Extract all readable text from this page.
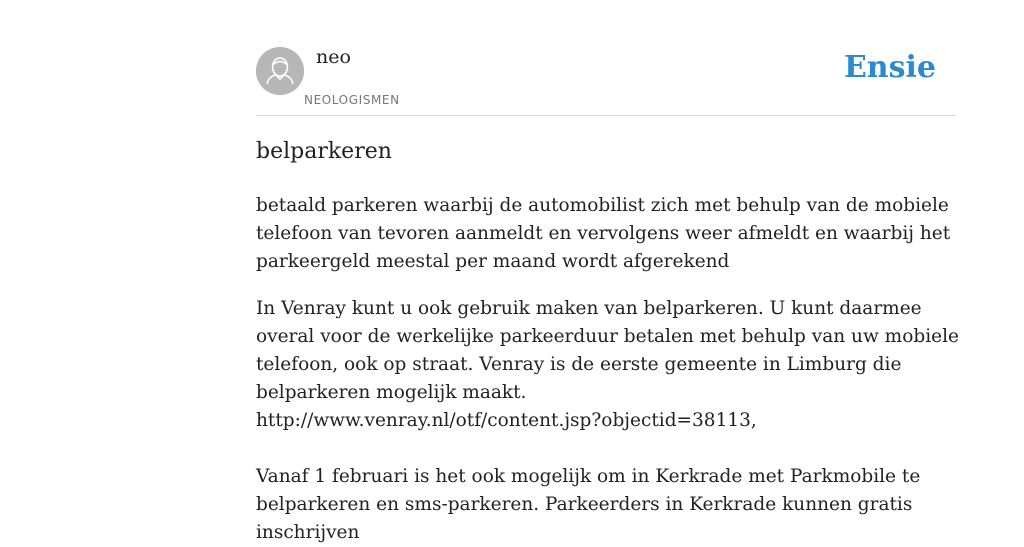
neo
NEOLOGISMEN
Ensie
belparkeren

betaald parkeren waarbij de automobilist zich met behulp van de mobiele telefoon van tevoren aanmeldt en vervolgens weer afmeldt en waarbij het parkeergeld meestal per maand wordt afgerekend

In Venray kunt u ook gebruik maken van belparkeren. U kunt daarmee overal voor de werkelijke parkeerduur betalen met behulp van uw mobiele telefoon, ook op straat. Venray is de eerste gemeente in Limburg die belparkeren mogelijk maakt.

http://www.venray.nl/otf/content.jsp?objectid=38113,

Vanaf 1 februari is het ook mogelijk om in Kerkrade met Parkmobile te belparkeren en sms-parkeren. Parkeerders in Kerkrade kunnen gratis inschrijven
